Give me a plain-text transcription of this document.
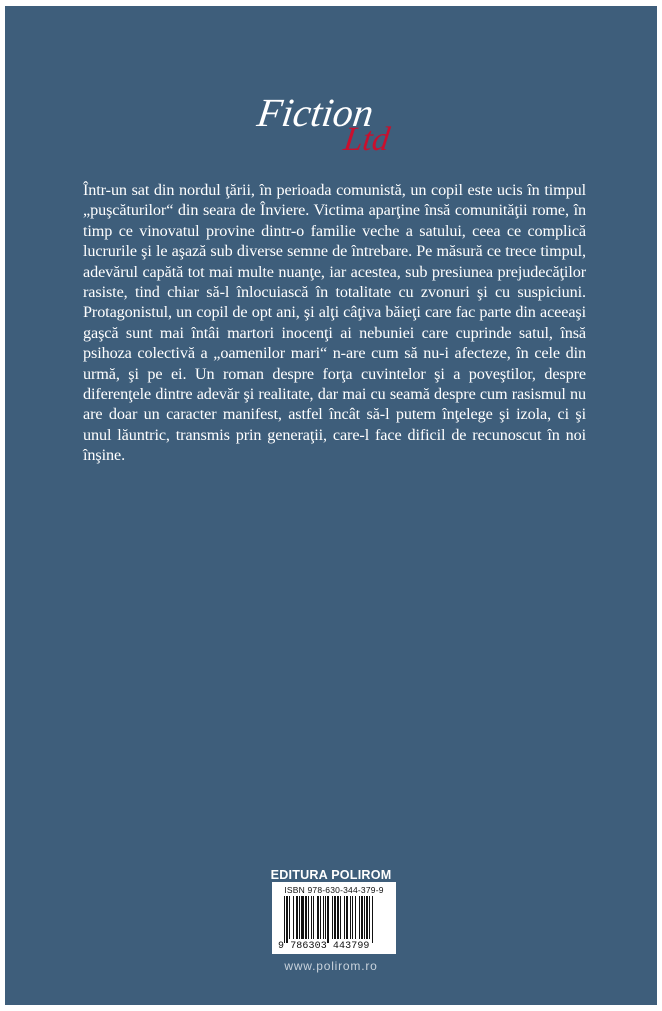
Fiction
Ltd

Într-un sat din nordul ţării, în perioada comunistă, un copil este ucis în timpul „puşcăturilor“ din seara de Înviere. Victima aparţine însă comunităţii rome, în timp ce vinovatul provine dintr-o familie veche a satului, ceea ce complică lucrurile şi le aşază sub diverse semne de întrebare. Pe măsură ce trece timpul, adevărul capătă tot mai multe nuanţe, iar acestea, sub presiunea prejudecăţilor rasiste, tind chiar să-l înlocuiască în totalitate cu zvonuri şi cu suspiciuni. Protagonistul, un copil de opt ani, şi alţi câţiva băieţi care fac parte din aceeaşi gaşcă sunt mai întâi martori inocenţi ai nebuniei care cuprinde satul, însă psihoza colectivă a „oamenilor mari“ n-are cum să nu-i afecteze, în cele din urmă, şi pe ei. Un roman despre forţa cuvintelor şi a poveştilor, despre diferenţele dintre adevăr şi realitate, dar mai cu seamă despre cum rasismul nu are doar un caracter manifest, astfel încât să-l putem înţelege şi izola, ci şi unul lăuntric, transmis prin generaţii, care-l face dificil de recunoscut în noi înşine.

EDITURA POLIROM
ISBN 978-630-344-379-9
9 786303 443799
www.polirom.ro
